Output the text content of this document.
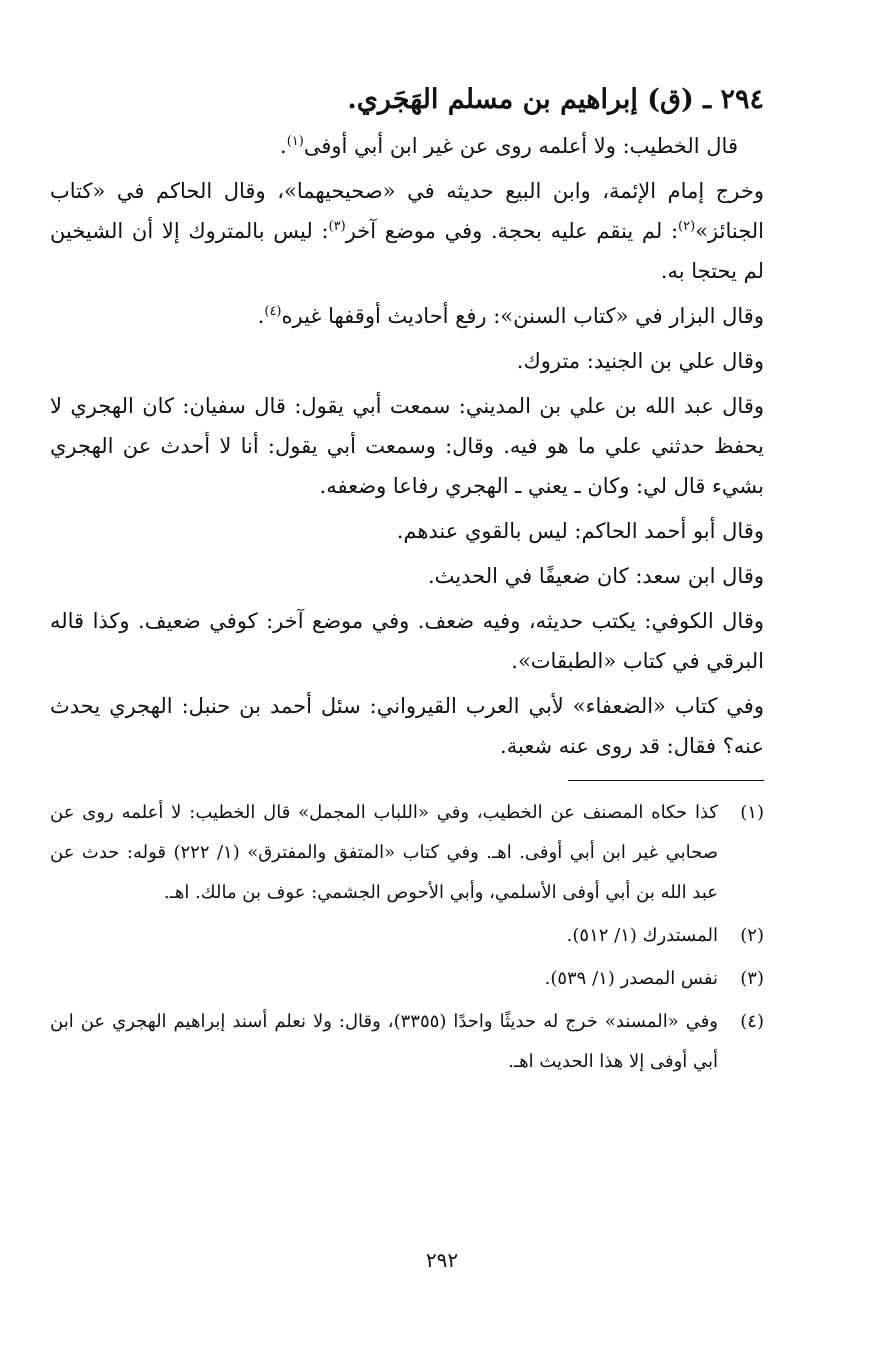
٢٩٤ ـ (ق) إبراهيم بن مسلم الهَجَري.

قال الخطيب: ولا أعلمه روى عن غير ابن أبي أوفى$^{(١)}$.

وخرج إمام الإئمة، وابن البيع حديثه في «صحيحيهما»، وقال الحاكم في «كتاب الجنائز»$^{(٢)}$: لم ينقم عليه بحجة. وفي موضع آخر$^{(٣)}$: ليس بالمتروك إلا أن الشيخين لم يحتجا به.

وقال البزار في «كتاب السنن»: رفع أحاديث أوقفها غيره$^{(٤)}$.

وقال علي بن الجنيد: متروك.

وقال عبد الله بن علي بن المديني: سمعت أبي يقول: قال سفيان: كان الهجري لا يحفظ حدثني علي ما هو فيه. وقال: وسمعت أبي يقول: أنا لا أحدث عن الهجري بشيء قال لي: وكان ـ يعني ـ الهجري رفاعا وضعفه.

وقال أبو أحمد الحاكم: ليس بالقوي عندهم.

وقال ابن سعد: كان ضعيفًا في الحديث.

وقال الكوفي: يكتب حديثه، وفيه ضعف. وفي موضع آخر: كوفي ضعيف. وكذا قاله البرقي في كتاب «الطبقات».

وفي كتاب «الضعفاء» لأبي العرب القيرواني: سئل أحمد بن حنبل: الهجري يحدث عنه؟ فقال: قد روى عنه شعبة.

(١)
كذا حكاه المصنف عن الخطيب، وفي «اللباب المجمل» قال الخطيب: لا أعلمه روى عن صحابي غير ابن أبي أوفى. اهـ. وفي كتاب «المتفق والمفترق» (١/ ٢٢٢) قوله: حدث عن عبد الله بن أبي أوفى الأسلمي، وأبي الأحوص الجشمي: عوف بن مالك. اهـ.
(٢)
المستدرك (١/ ٥١٢).
(٣)
نفس المصدر (١/ ٥٣٩).
(٤)
وفي «المسند» خرج له حديثًا واحدًا (٣٣٥٥)، وقال: ولا نعلم أسند إبراهيم الهجري عن ابن أبي أوفى إلا هذا الحديث اهـ.
٢٩٢
